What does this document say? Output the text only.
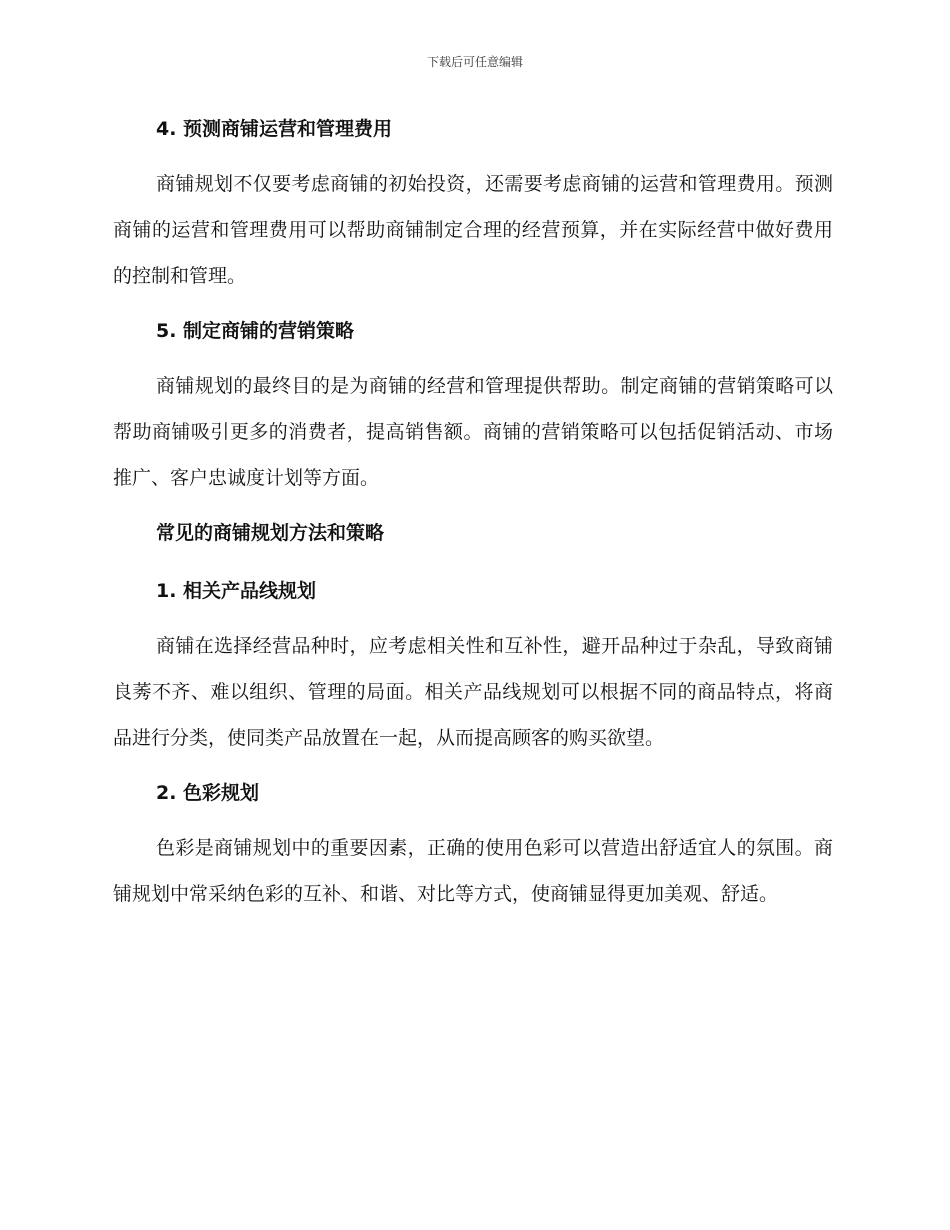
下载后可任意编辑
4. 预测商铺运营和管理费用

商铺规划不仅要考虑商铺的初始投资，还需要考虑商铺的运营和管理费用。预测商铺的运营和管理费用可以帮助商铺制定合理的经营预算，并在实际经营中做好费用的控制和管理。

5. 制定商铺的营销策略

商铺规划的最终目的是为商铺的经营和管理提供帮助。制定商铺的营销策略可以帮助商铺吸引更多的消费者，提高销售额。商铺的营销策略可以包括促销活动、市场推广、客户忠诚度计划等方面。

常见的商铺规划方法和策略
1. 相关产品线规划

商铺在选择经营品种时，应考虑相关性和互补性，避开品种过于杂乱，导致商铺良莠不齐、难以组织、管理的局面。相关产品线规划可以根据不同的商品特点，将商品进行分类，使同类产品放置在一起，从而提高顾客的购买欲望。

2. 色彩规划

色彩是商铺规划中的重要因素，正确的使用色彩可以营造出舒适宜人的氛围。商铺规划中常采纳色彩的互补、和谐、对比等方式，使商铺显得更加美观、舒适。
